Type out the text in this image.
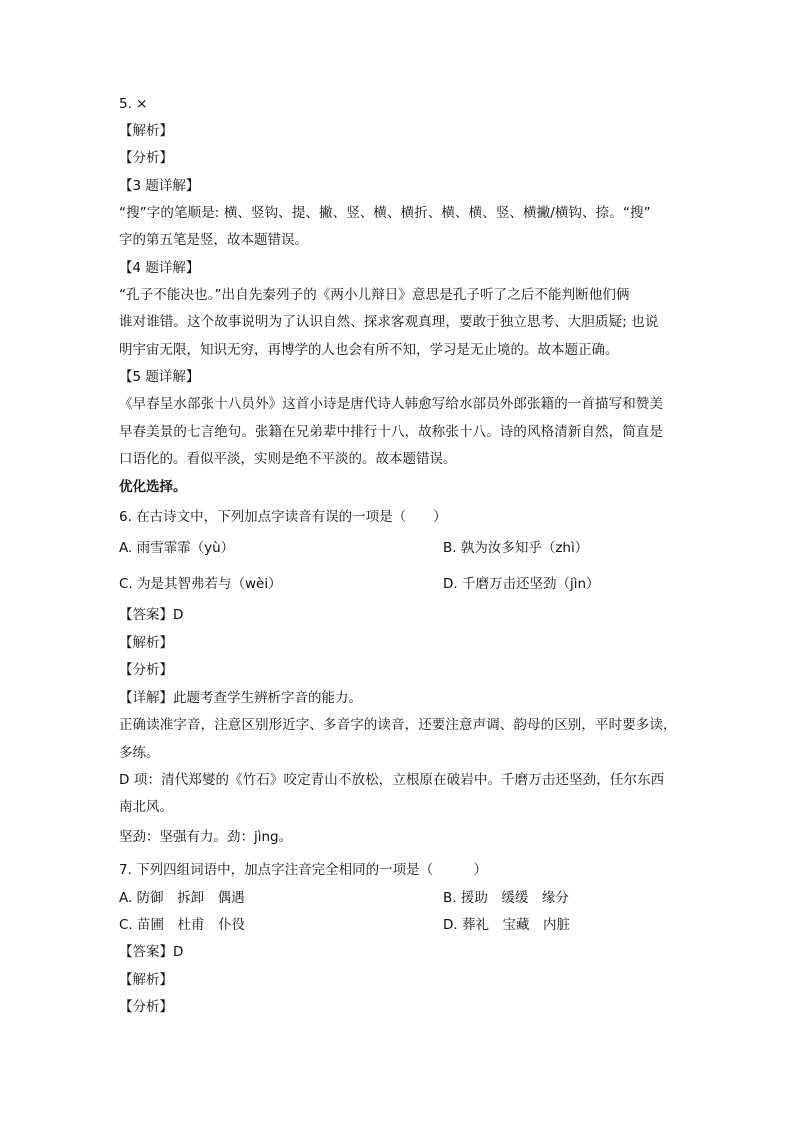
5. ×
【解析】
【分析】
【3 题详解】
“搜”字的笔顺是: 横、竖钩、提、撇、竖、横、横折、横、横、竖、横撇/横钩、捺。“搜”
字的第五笔是竖，故本题错误。
【4 题详解】
“孔子不能决也。”出自先秦列子的《两小儿辩日》意思是孔子听了之后不能判断他们俩
谁对谁错。这个故事说明为了认识自然、探求客观真理，要敢于独立思考、大胆质疑; 也说
明宇宙无限，知识无穷，再博学的人也会有所不知，学习是无止境的。故本题正确。
【5 题详解】
《早春呈水部张十八员外》这首小诗是唐代诗人韩愈写给水部员外郎张籍的一首描写和赞美
早春美景的七言绝句。张籍在兄弟辈中排行十八，故称张十八。诗的风格清新自然，简直是
口语化的。看似平淡，实则是绝不平淡的。故本题错误。
优化选择。
6. 在古诗文中，下列加点字读音有误的一项是（　　）
A. 雨雪霏霏（yù）	B. 孰为汝多知乎（zhì）
C. 为是其智弗若与（wèi）	D. 千磨万击还坚劲（jìn）
【答案】D
【解析】
【分析】
【详解】此题考查学生辨析字音的能力。
正确读准字音，注意区别形近字、多音字的读音，还要注意声调、韵母的区别，平时要多读，
多练。
D 项：清代郑燮的《竹石》咬定青山不放松，立根原在破岩中。千磨万击还坚劲，任尔东西
南北风。
坚劲：坚强有力。劲：jìng。
7. 下列四组词语中，加点字注音完全相同的一项是（　　　）
A. 防御　拆卸　偶遇	B. 援助　缓缓　缘分
C. 苗圃　杜甫　仆役	D. 葬礼　宝藏　内脏
【答案】D
【解析】
【分析】
